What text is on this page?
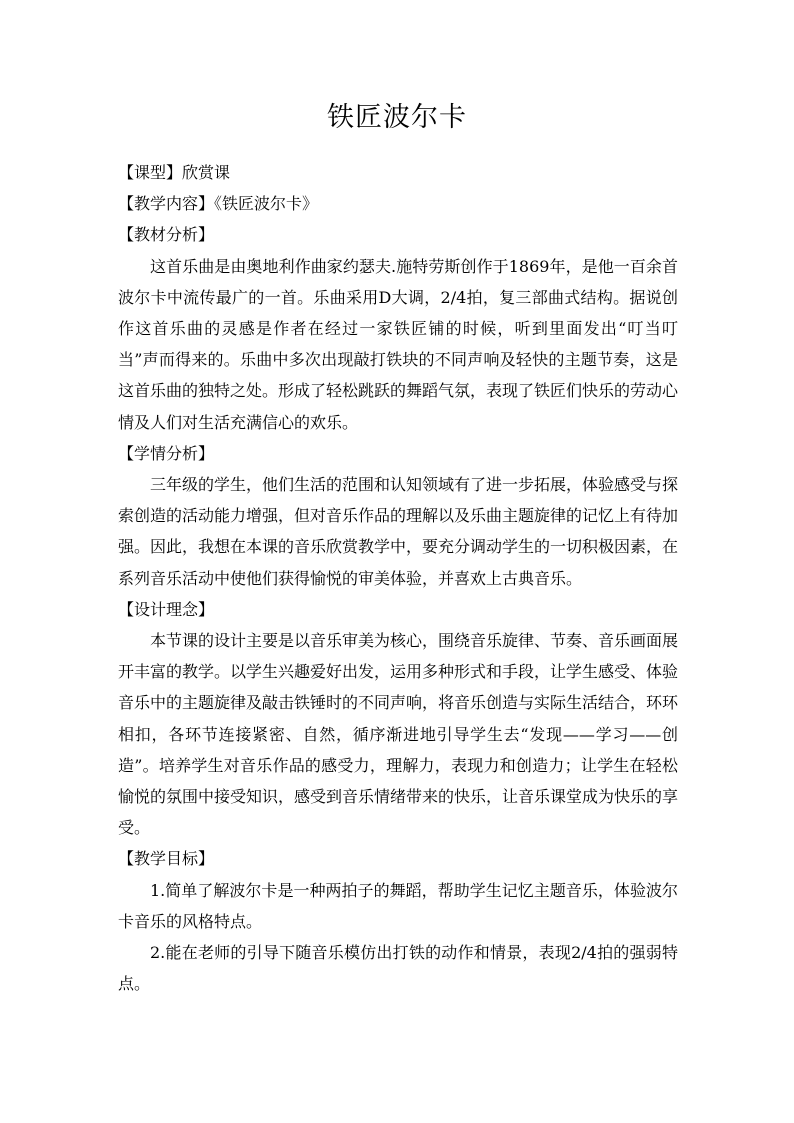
铁匠波尔卡

【课型】欣赏课

【教学内容】《铁匠波尔卡》

【教材分析】

这首乐曲是由奥地利作曲家约瑟夫.施特劳斯创作于1869年，是他一百余首波尔卡中流传最广的一首。乐曲采用D大调，2/4拍，复三部曲式结构。据说创作这首乐曲的灵感是作者在经过一家铁匠铺的时候，听到里面发出“叮当叮当”声而得来的。乐曲中多次出现敲打铁块的不同声响及轻快的主题节奏，这是这首乐曲的独特之处。形成了轻松跳跃的舞蹈气氛，表现了铁匠们快乐的劳动心情及人们对生活充满信心的欢乐。

【学情分析】

三年级的学生，他们生活的范围和认知领域有了进一步拓展，体验感受与探索创造的活动能力增强，但对音乐作品的理解以及乐曲主题旋律的记忆上有待加强。因此，我想在本课的音乐欣赏教学中，要充分调动学生的一切积极因素，在系列音乐活动中使他们获得愉悦的审美体验，并喜欢上古典音乐。

【设计理念】

本节课的设计主要是以音乐审美为核心，围绕音乐旋律、节奏、音乐画面展开丰富的教学。以学生兴趣爱好出发，运用多种形式和手段，让学生感受、体验音乐中的主题旋律及敲击铁锤时的不同声响，将音乐创造与实际生活结合，环环相扣，各环节连接紧密、自然，循序渐进地引导学生去“发现——学习——创造”。培养学生对音乐作品的感受力，理解力，表现力和创造力；让学生在轻松愉悦的氛围中接受知识，感受到音乐情绪带来的快乐，让音乐课堂成为快乐的享受。

【教学目标】

1.简单了解波尔卡是一种两拍子的舞蹈，帮助学生记忆主题音乐，体验波尔卡音乐的风格特点。

2.能在老师的引导下随音乐模仿出打铁的动作和情景，表现2/4拍的强弱特点。
